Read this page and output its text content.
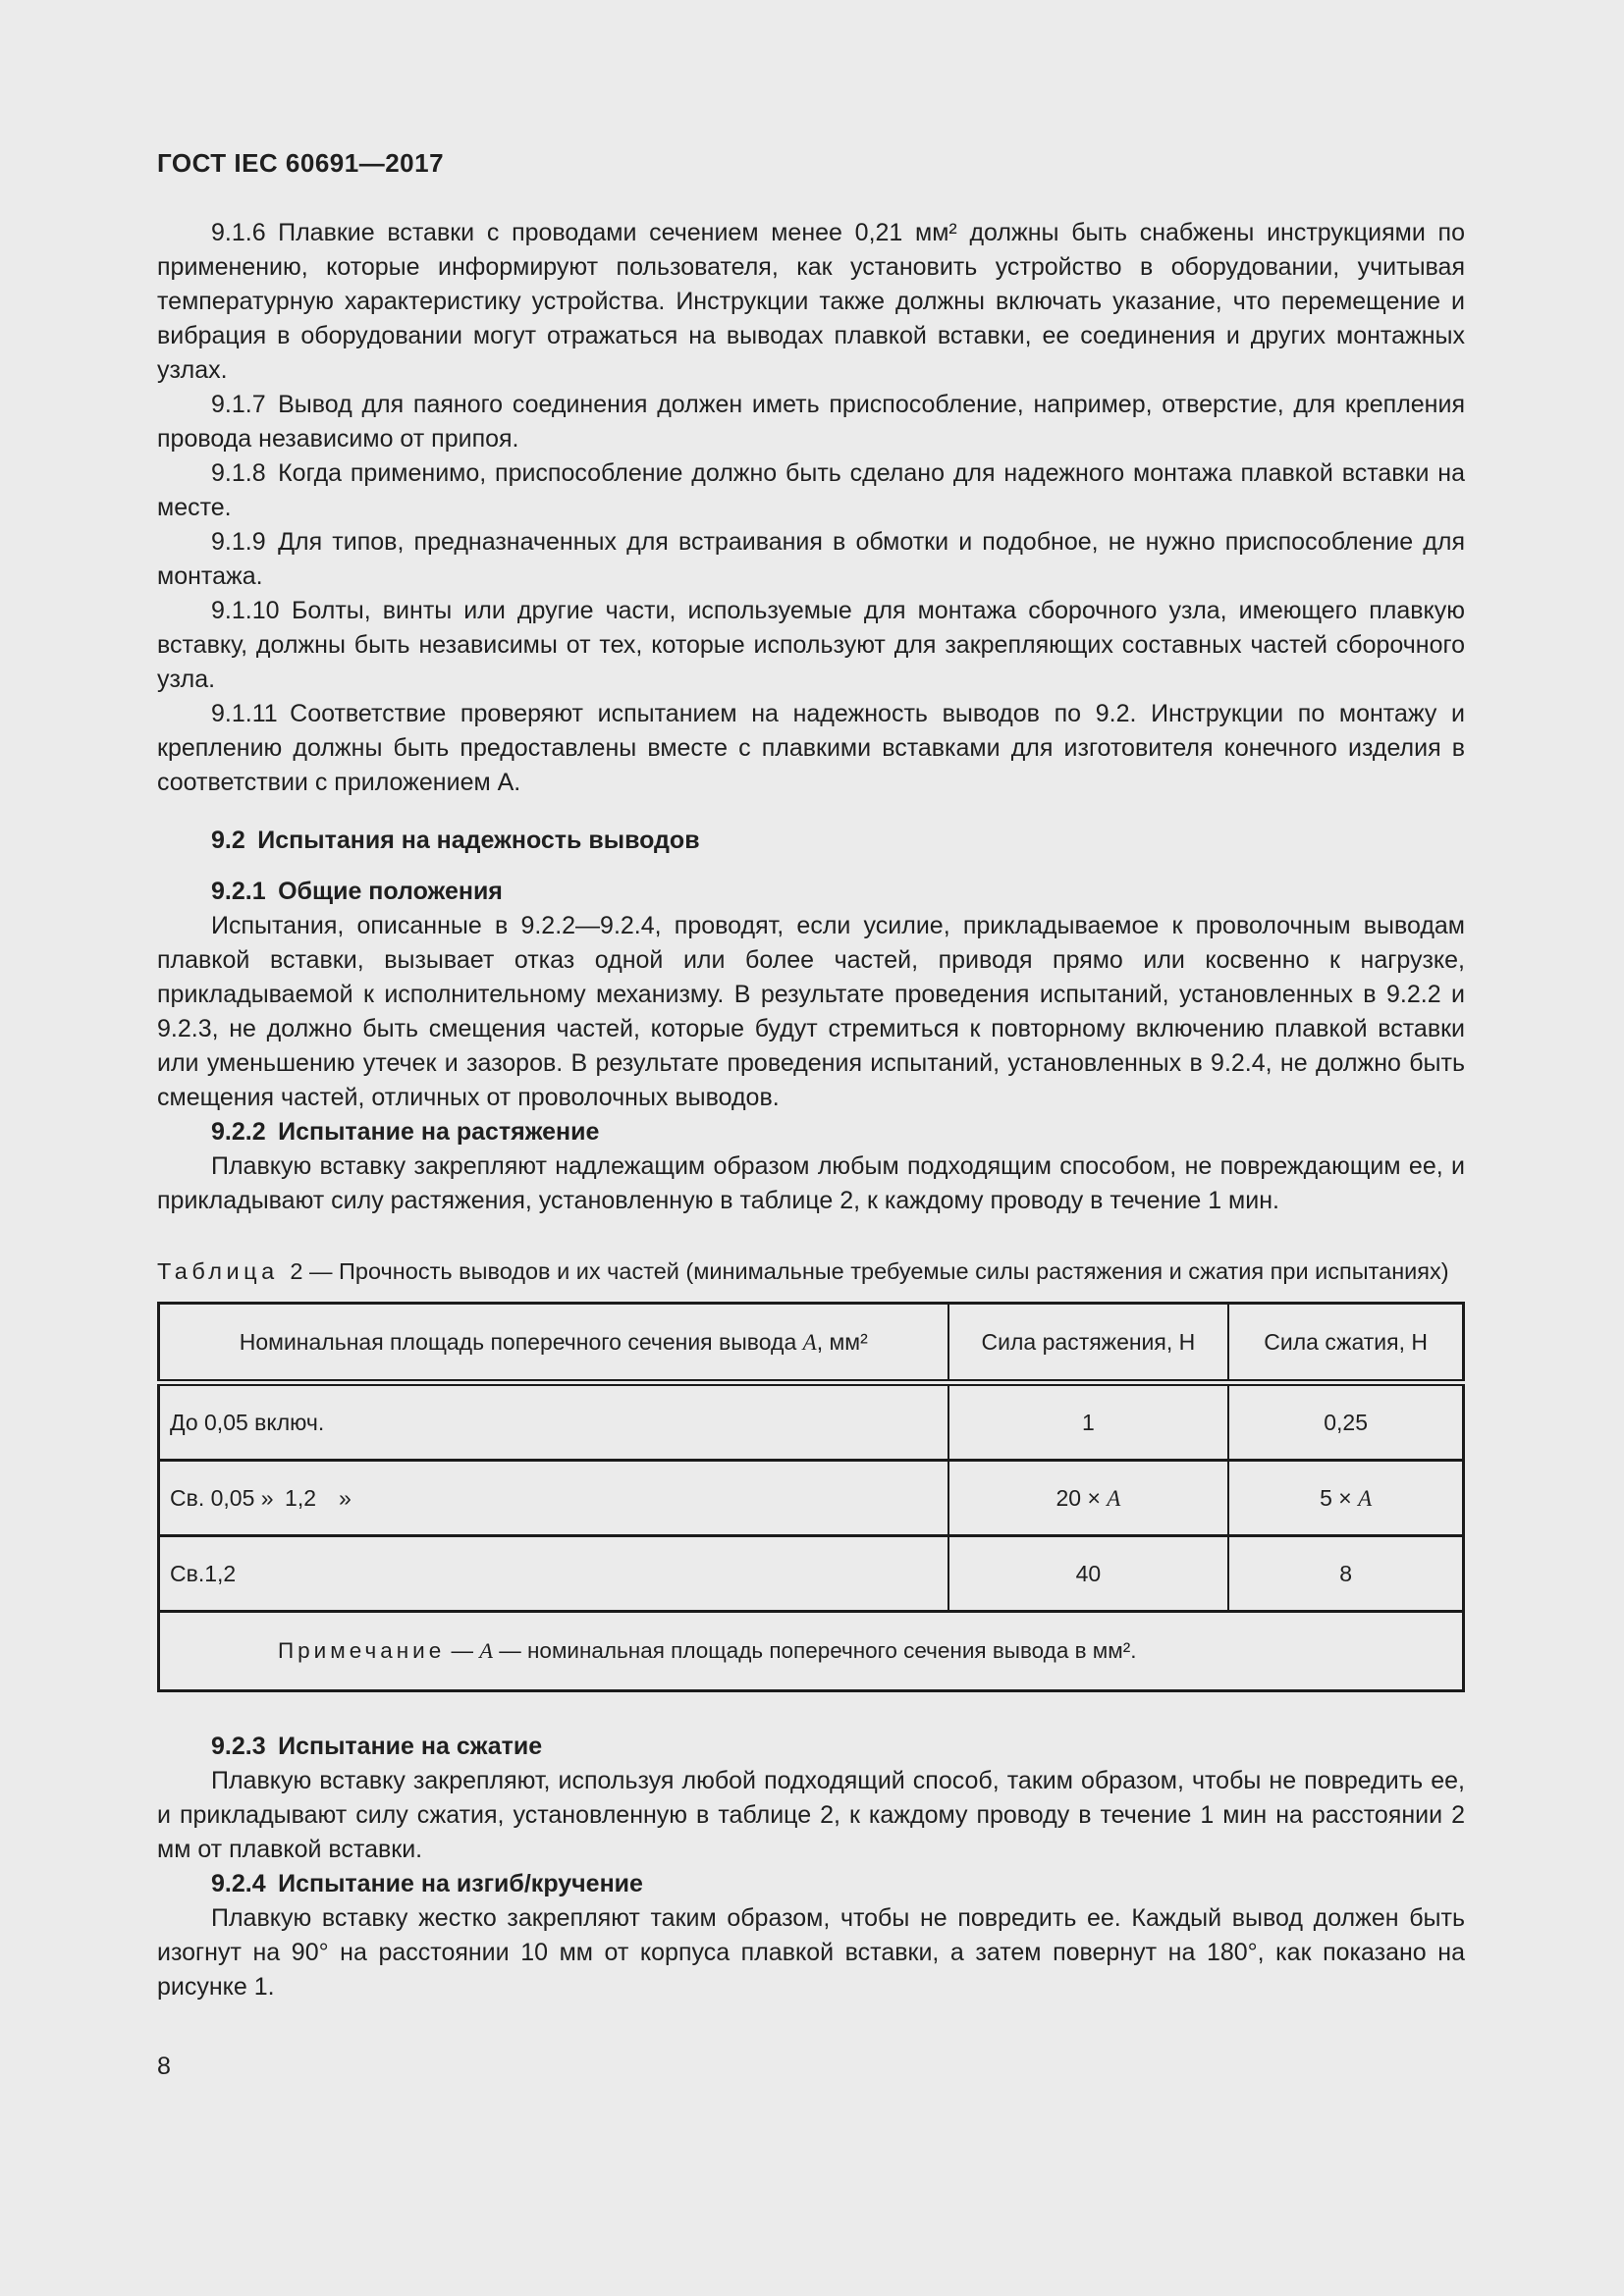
ГОСТ IEC 60691—2017

9.1.6 Плавкие вставки с проводами сечением менее 0,21 мм² должны быть снабжены инструкциями по применению, которые информируют пользователя, как установить устройство в оборудовании, учитывая температурную характеристику устройства. Инструкции также должны включать указание, что перемещение и вибрация в оборудовании могут отражаться на выводах плавкой вставки, ее соединения и других монтажных узлах.

9.1.7 Вывод для паяного соединения должен иметь приспособление, например, отверстие, для крепления провода независимо от припоя.

9.1.8 Когда применимо, приспособление должно быть сделано для надежного монтажа плавкой вставки на месте.

9.1.9 Для типов, предназначенных для встраивания в обмотки и подобное, не нужно приспособление для монтажа.

9.1.10 Болты, винты или другие части, используемые для монтажа сборочного узла, имеющего плавкую вставку, должны быть независимы от тех, которые используют для закрепляющих составных частей сборочного узла.

9.1.11 Соответствие проверяют испытанием на надежность выводов по 9.2. Инструкции по монтажу и креплению должны быть предоставлены вместе с плавкими вставками для изготовителя конечного изделия в соответствии с приложением А.

9.2 Испытания на надежность выводов
9.2.1 Общие положения

Испытания, описанные в 9.2.2—9.2.4, проводят, если усилие, прикладываемое к проволочным выводам плавкой вставки, вызывает отказ одной или более частей, приводя прямо или косвенно к нагрузке, прикладываемой к исполнительному механизму. В результате проведения испытаний, установленных в 9.2.2 и 9.2.3, не должно быть смещения частей, которые будут стремиться к повторному включению плавкой вставки или уменьшению утечек и зазоров. В результате проведения испытаний, установленных в 9.2.4, не должно быть смещения частей, отличных от проволочных выводов.

9.2.2 Испытание на растяжение

Плавкую вставку закрепляют надлежащим образом любым подходящим способом, не повреждающим ее, и прикладывают силу растяжения, установленную в таблице 2, к каждому проводу в течение 1 мин.

Таблица 2 — Прочность выводов и их частей (минимальные требуемые силы растяжения и сжатия при испытаниях)

Номинальная площадь поперечного сечения вывода А, мм²	Сила растяжения, Н	Сила сжатия, Н
До 0,05 включ.	1	0,25
Св. 0,05 » 1,2 »	20 × А	5 × А
Св.1,2	40	8
Примечание — А — номинальная площадь поперечного сечения вывода в мм².		
9.2.3 Испытание на сжатие

Плавкую вставку закрепляют, используя любой подходящий способ, таким образом, чтобы не повредить ее, и прикладывают силу сжатия, установленную в таблице 2, к каждому проводу в течение 1 мин на расстоянии 2 мм от плавкой вставки.

9.2.4 Испытание на изгиб/кручение

Плавкую вставку жестко закрепляют таким образом, чтобы не повредить ее. Каждый вывод должен быть изогнут на 90° на расстоянии 10 мм от корпуса плавкой вставки, а затем повернут на 180°, как показано на рисунке 1.

8
